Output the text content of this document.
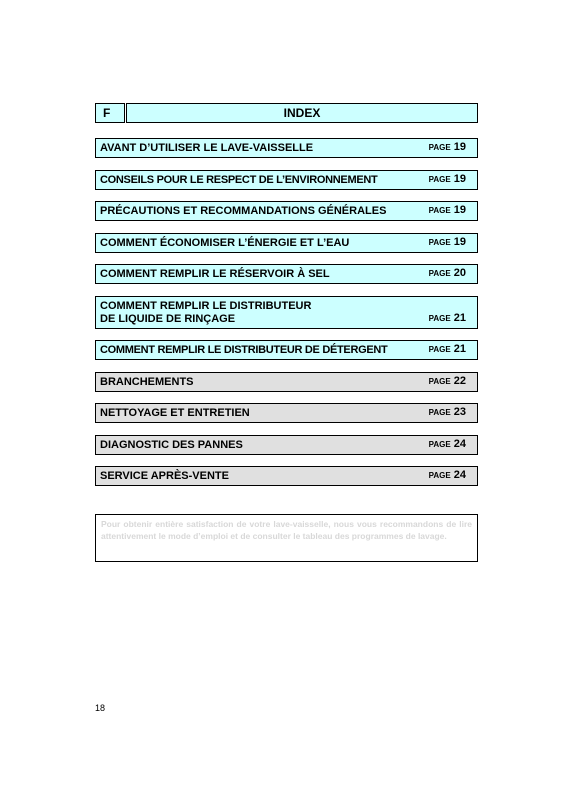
F	INDEX
AVANT D’UTILISER LE LAVE-VAISSELLE	PAGE 19
CONSEILS POUR LE RESPECT DE L’ENVIRONNEMENT	PAGE 19
PRÉCAUTIONS ET RECOMMANDATIONS GÉNÉRALES	PAGE 19
COMMENT ÉCONOMISER L’ÉNERGIE ET L’EAU	PAGE 19
COMMENT REMPLIR LE RÉSERVOIR À SEL	PAGE 20
COMMENT REMPLIR LE DISTRIBUTEUR
DE LIQUIDE DE RINÇAGE	PAGE 21
COMMENT REMPLIR LE DISTRIBUTEUR DE DÉTERGENT	PAGE 21
BRANCHEMENTS	PAGE 22
NETTOYAGE ET ENTRETIEN	PAGE 23
DIAGNOSTIC DES PANNES	PAGE 24
SERVICE APRÈS-VENTE	PAGE 24
Pour obtenir entière satisfaction de votre lave-vaisselle, nous vous recommandons de lire attentivement le mode d’emploi et de consulter le tableau des programmes de lavage.
18
